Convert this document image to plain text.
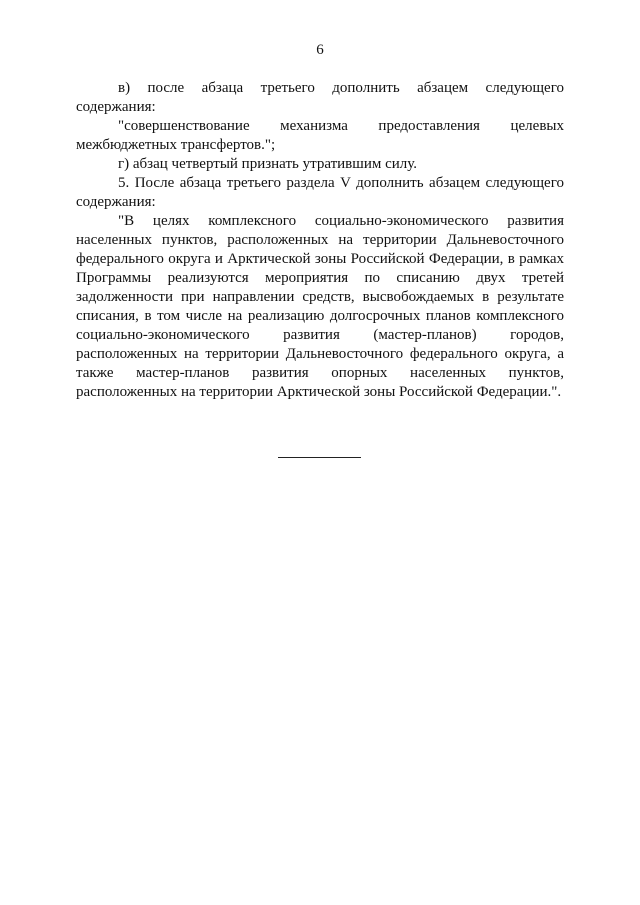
6

в) после абзаца третьего дополнить абзацем следующего содержания:

"совершенствование механизма предоставления целевых межбюджетных трансфертов.";

г) абзац четвертый признать утратившим силу.

5. После абзаца третьего раздела V дополнить абзацем следующего содержания:

"В целях комплексного социально-экономического развития населенных пунктов, расположенных на территории Дальневосточного федерального округа и Арктической зоны Российской Федерации, в рамках Программы реализуются мероприятия по списанию двух третей задолженности при направлении средств, высвобождаемых в результате списания, в том числе на реализацию долгосрочных планов комплексного социально-экономического развития (мастер-планов) городов, расположенных на территории Дальневосточного федерального округа, а также мастер-планов развития опорных населенных пунктов, расположенных на территории Арктической зоны Российской Федерации.".
